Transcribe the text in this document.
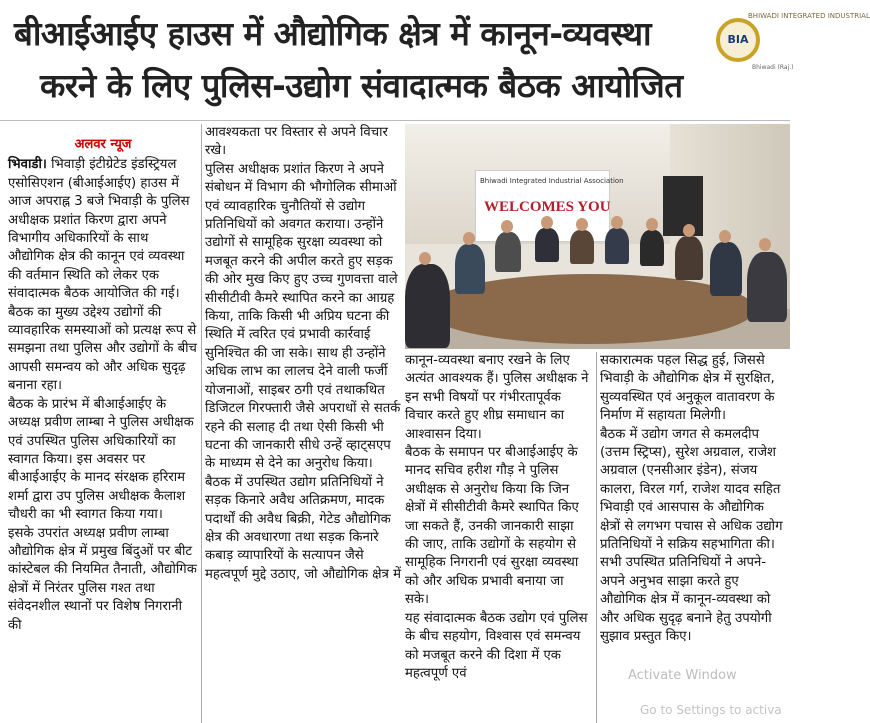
बीआईआईए हाउस में औद्योगिक क्षेत्र में कानून-व्यवस्था
करने के लिए पुलिस-उद्योग संवादात्मक बैठक आयोजित
BHIWADI INTEGRATED INDUSTRIAL
BIA
Bhiwadi (Raj.)
अलवर न्यूज

भिवाडी। भिवाड़ी इंटीग्रेटेड इंडस्ट्रियल एसोसिएशन (बीआईआईए) हाउस में आज अपराह्न 3 बजे भिवाड़ी के पुलिस अधीक्षक प्रशांत किरण द्वारा अपने विभागीय अधिकारियों के साथ औद्योगिक क्षेत्र की कानून एवं व्यवस्था की वर्तमान स्थिति को लेकर एक संवादात्मक बैठक आयोजित की गई। बैठक का मुख्य उद्देश्य उद्योगों की व्यावहारिक समस्याओं को प्रत्यक्ष रूप से समझना तथा पुलिस और उद्योगों के बीच आपसी समन्वय को और अधिक सुदृढ़ बनाना रहा।

बैठक के प्रारंभ में बीआईआईए के अध्यक्ष प्रवीण लाम्बा ने पुलिस अधीक्षक एवं उपस्थित पुलिस अधिकारियों का स्वागत किया। इस अवसर पर बीआईआईए के मानद संरक्षक हरिराम शर्मा द्वारा उप पुलिस अधीक्षक कैलाश चौधरी का भी स्वागत किया गया।

इसके उपरांत अध्यक्ष प्रवीण लाम्बा औद्योगिक क्षेत्र में प्रमुख बिंदुओं पर बीट कांस्टेबल की नियमित तैनाती, औद्योगिक क्षेत्रों में निरंतर पुलिस गश्त तथा संवेदनशील स्थानों पर विशेष निगरानी की

आवश्यकता पर विस्तार से अपने विचार रखे।

पुलिस अधीक्षक प्रशांत किरण ने अपने संबोधन में विभाग की भौगोलिक सीमाओं एवं व्यावहारिक चुनौतियों से उद्योग प्रतिनिधियों को अवगत कराया। उन्होंने उद्योगों से सामूहिक सुरक्षा व्यवस्था को मजबूत करने की अपील करते हुए सड़क की ओर मुख किए हुए उच्च गुणवत्ता वाले सीसीटीवी कैमरे स्थापित करने का आग्रह किया, ताकि किसी भी अप्रिय घटना की स्थिति में त्वरित एवं प्रभावी कार्रवाई सुनिश्चित की जा सके। साथ ही उन्होंने अधिक लाभ का लालच देने वाली फर्जी योजनाओं, साइबर ठगी एवं तथाकथित डिजिटल गिरफ्तारी जैसे अपराधों से सतर्क रहने की सलाह दी तथा ऐसी किसी भी घटना की जानकारी सीधे उन्हें व्हाट्सएप के माध्यम से देने का अनुरोध किया।

बैठक में उपस्थित उद्योग प्रतिनिधियों ने सड़क किनारे अवैध अतिक्रमण, मादक पदार्थों की अवैध बिक्री, गेटेड औद्योगिक क्षेत्र की अवधारणा तथा सड़क किनारे कबाड़ व्यापारियों के सत्यापन जैसे महत्वपूर्ण मुद्दे उठाए, जो औद्योगिक क्षेत्र में

Bhiwadi Integrated Industrial Association
WELCOMES YOU

कानून-व्यवस्था बनाए रखने के लिए अत्यंत आवश्यक हैं। पुलिस अधीक्षक ने इन सभी विषयों पर गंभीरतापूर्वक विचार करते हुए शीघ्र समाधान का आश्वासन दिया।

बैठक के समापन पर बीआईआईए के मानद सचिव हरीश गौड़ ने पुलिस अधीक्षक से अनुरोध किया कि जिन क्षेत्रों में सीसीटीवी कैमरे स्थापित किए जा सकते हैं, उनकी जानकारी साझा की जाए, ताकि उद्योगों के सहयोग से सामूहिक निगरानी एवं सुरक्षा व्यवस्था को और अधिक प्रभावी बनाया जा सके।

यह संवादात्मक बैठक उद्योग एवं पुलिस के बीच सहयोग, विश्वास एवं समन्वय को मजबूत करने की दिशा में एक महत्वपूर्ण एवं

सकारात्मक पहल सिद्ध हुई, जिससे भिवाड़ी के औद्योगिक क्षेत्र में सुरक्षित, सुव्यवस्थित एवं अनुकूल वातावरण के निर्माण में सहायता मिलेगी।

बैठक में उद्योग जगत से कमलदीप (उत्तम स्ट्रिप्स), सुरेश अग्रवाल, राजेश अग्रवाल (एनसीआर इंडेन), संजय कालरा, विरल गर्ग, राजेश यादव सहित भिवाड़ी एवं आसपास के औद्योगिक क्षेत्रों से लगभग पचास से अधिक उद्योग प्रतिनिधियों ने सक्रिय सहभागिता की। सभी उपस्थित प्रतिनिधियों ने अपने-अपने अनुभव साझा करते हुए औद्योगिक क्षेत्र में कानून-व्यवस्था को और अधिक सुदृढ़ बनाने हेतु उपयोगी सुझाव प्रस्तुत किए।

Activate Window
Go to Settings to activa
